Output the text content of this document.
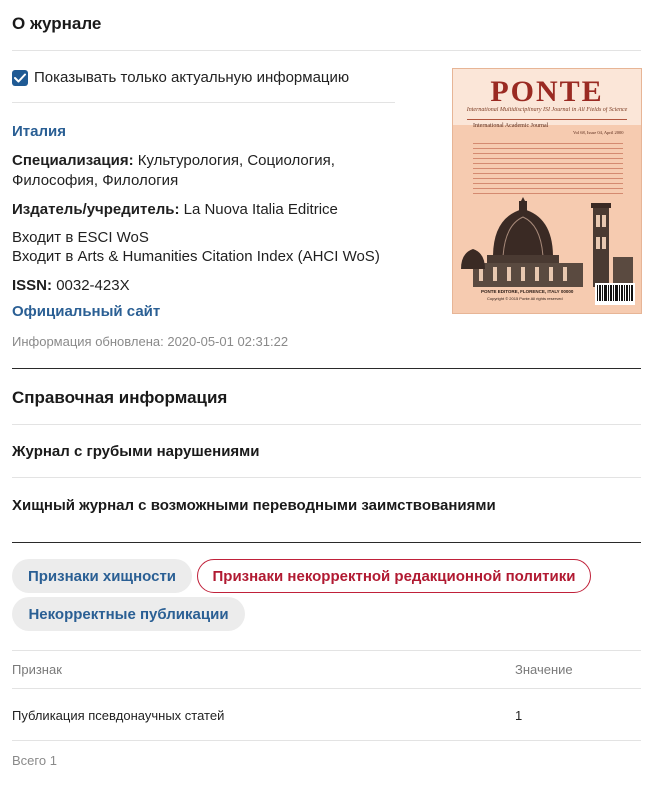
О журнале
Показывать только актуальную информацию
Италия
Специализация: Культурология, Социология,
Философия, Филология
Издатель/учредитель: La Nuova Italia Editrice
Входит в ESCI WoS
Входит в Arts & Humanities Citation Index (AHCI WoS)
ISSN: 0032-423X
Официальный сайт
Информация обновлена: 2020-05-01 02:31:22
PONTE
International Multidisciplinary ISI Journal in All Fields of Science
International Academic Journal
Vol 68, Issue 04, April 2000
PONTE EDITORE, FLORENCE, ITALY 00000
Copyright © 2015 Ponte All rights reserved
Справочная информация
Журнал с грубыми нарушениями
Хищный журнал с возможными переводными заимствованиями
Признаки хищности	Признаки некорректной редакционной политики
Некорректные публикации
Признак	Значение
Публикация псевдонаучных статей	1
Всего 1
